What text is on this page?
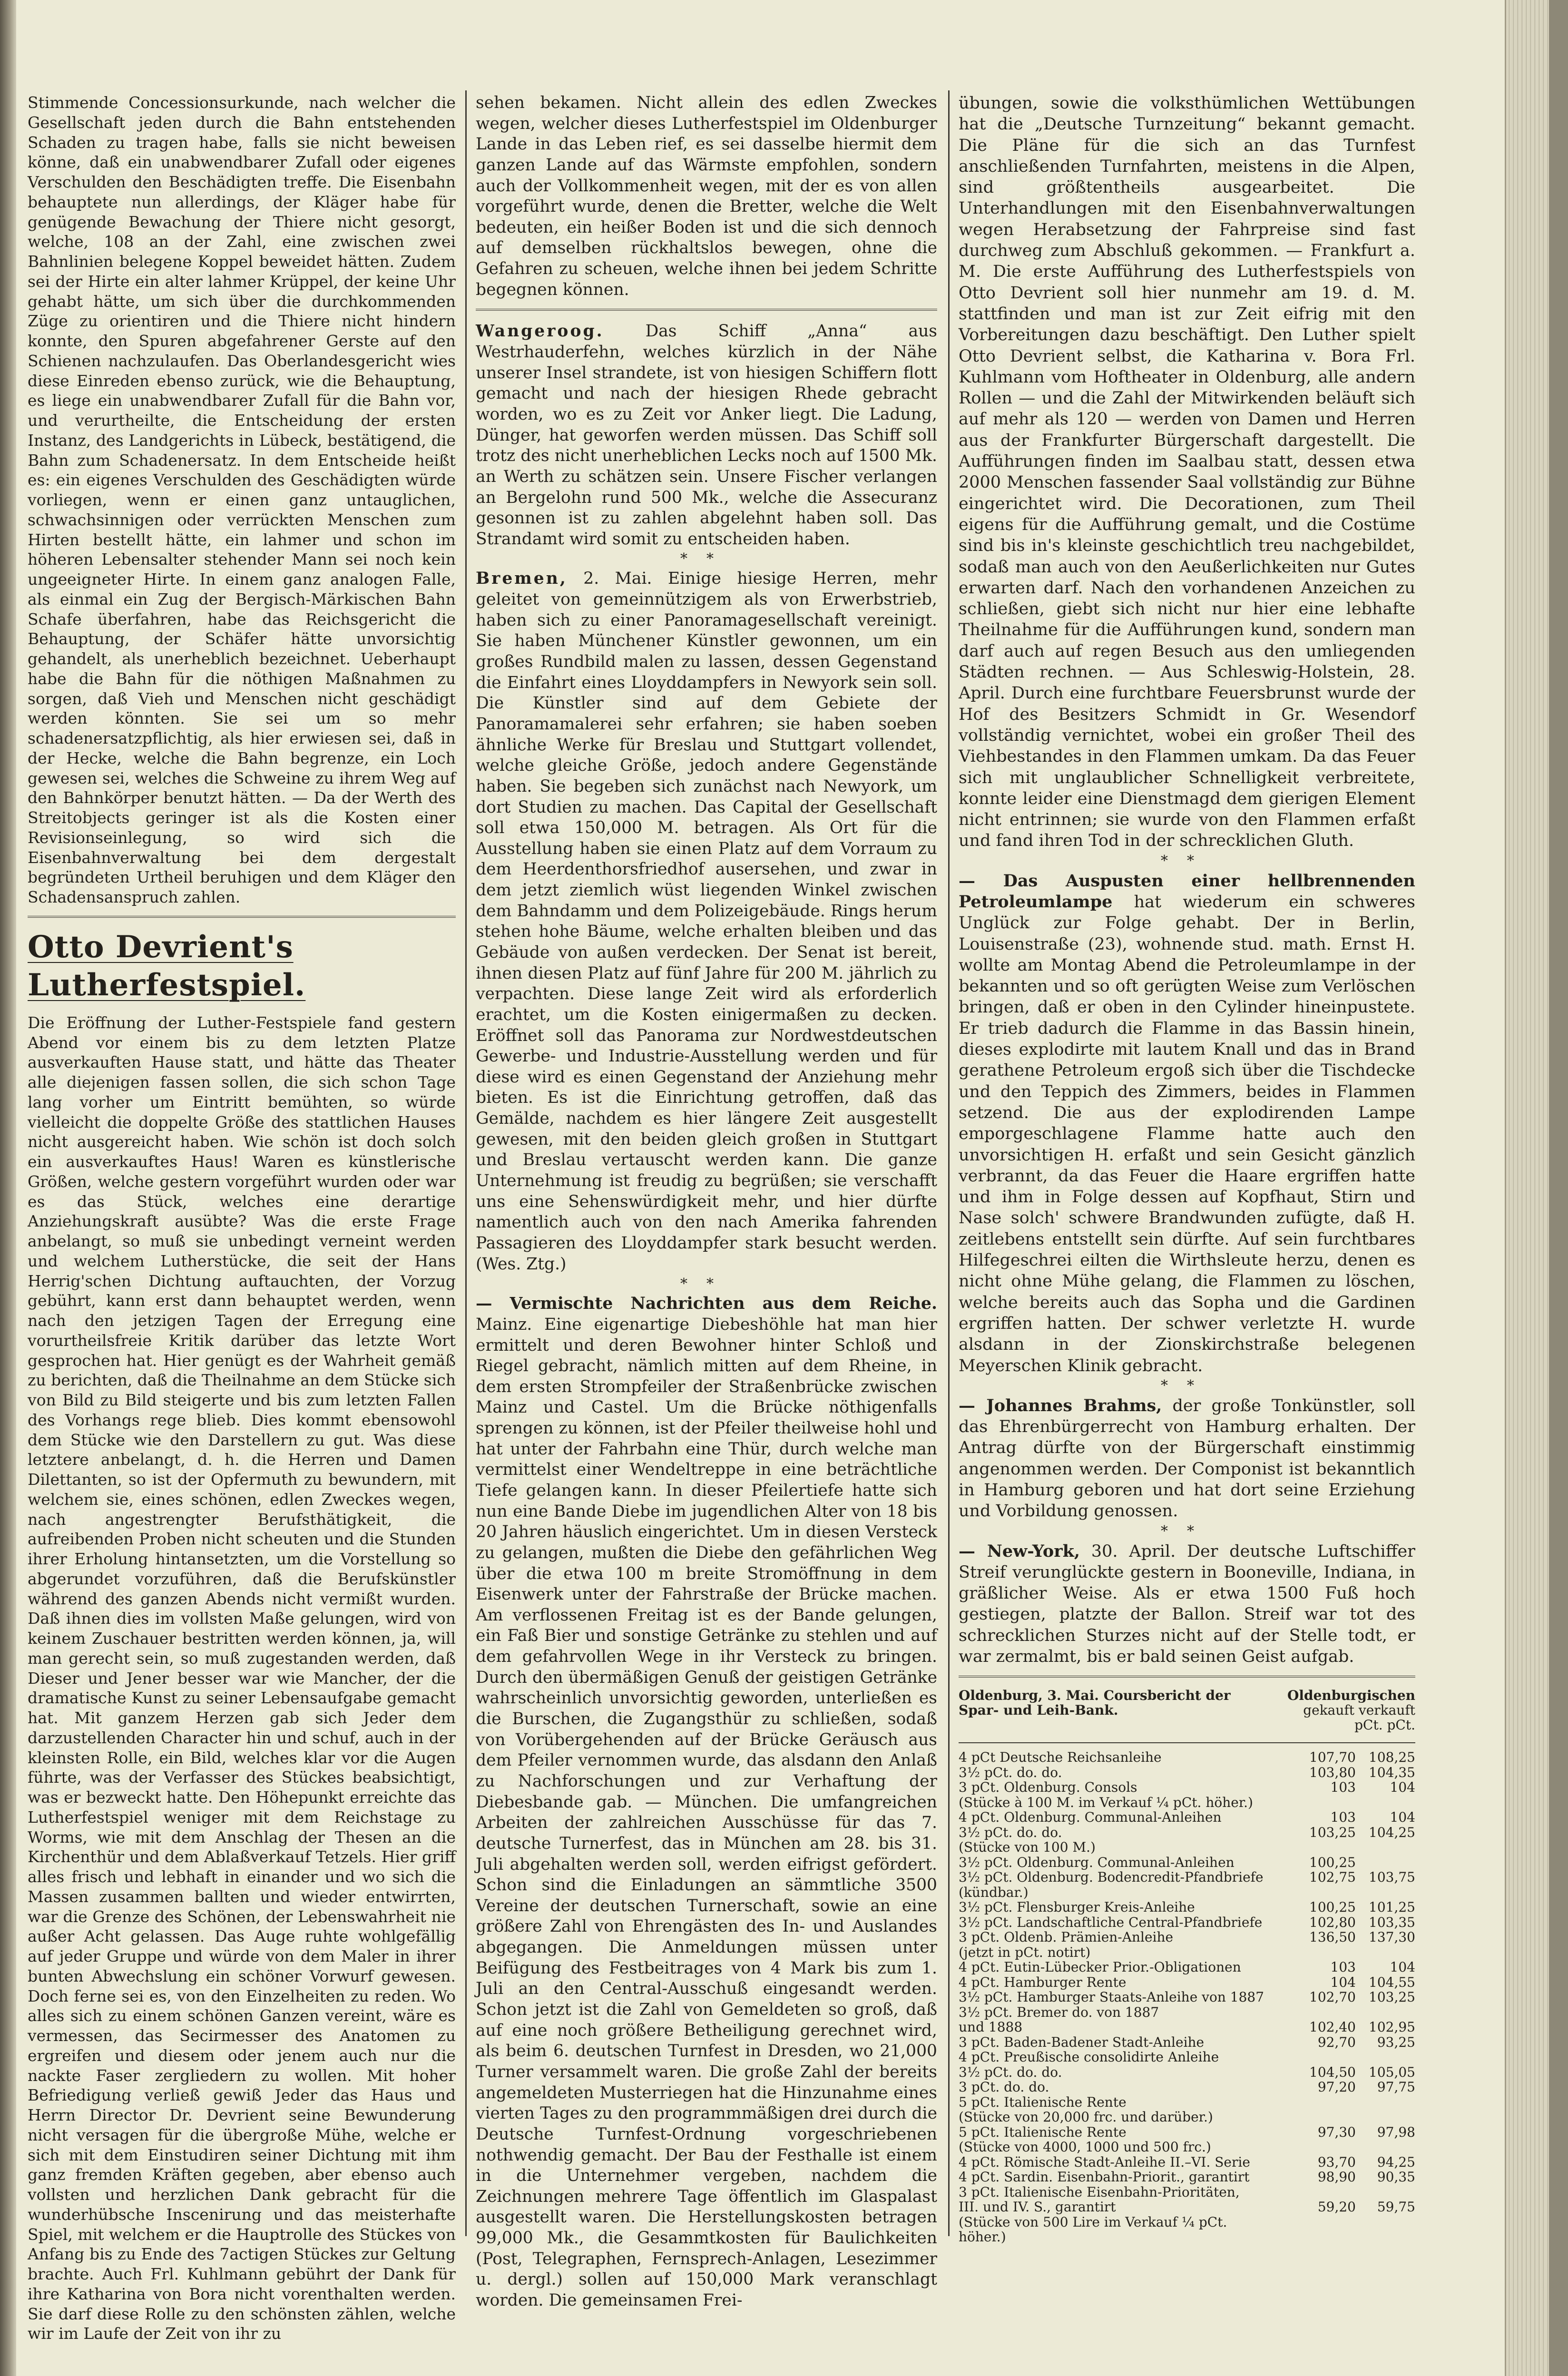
Stimmende Concessionsurkunde, nach welcher die Gesellschaft jeden durch die Bahn entstehenden Schaden zu tragen habe, falls sie nicht beweisen könne, daß ein unabwendbarer Zufall oder eigenes Verschulden den Beschädigten treffe. Die Eisenbahn behauptete nun allerdings, der Kläger habe für genügende Bewachung der Thiere nicht gesorgt, welche, 108 an der Zahl, eine zwischen zwei Bahnlinien belegene Koppel beweidet hätten. Zudem sei der Hirte ein alter lahmer Krüppel, der keine Uhr gehabt hätte, um sich über die durchkommenden Züge zu orientiren und die Thiere nicht hindern konnte, den Spuren abgefahrener Gerste auf den Schienen nachzulaufen. Das Oberlandesgericht wies diese Einreden ebenso zurück, wie die Behauptung, es liege ein unabwendbarer Zufall für die Bahn vor, und verurtheilte, die Entscheidung der ersten Instanz, des Landgerichts in Lübeck, bestätigend, die Bahn zum Schadenersatz. In dem Entscheide heißt es: ein eigenes Verschulden des Geschädigten würde vorliegen, wenn er einen ganz untauglichen, schwachsinnigen oder verrückten Menschen zum Hirten bestellt hätte, ein lahmer und schon im höheren Lebensalter stehender Mann sei noch kein ungeeigneter Hirte. In einem ganz analogen Falle, als einmal ein Zug der Bergisch-Märkischen Bahn Schafe überfahren, habe das Reichsgericht die Behauptung, der Schäfer hätte unvorsichtig gehandelt, als unerheblich bezeichnet. Ueberhaupt habe die Bahn für die nöthigen Maßnahmen zu sorgen, daß Vieh und Menschen nicht geschädigt werden könnten. Sie sei um so mehr schadenersatzpflichtig, als hier erwiesen sei, daß in der Hecke, welche die Bahn begrenze, ein Loch gewesen sei, welches die Schweine zu ihrem Weg auf den Bahnkörper benutzt hätten. — Da der Werth des Streitobjects geringer ist als die Kosten einer Revisionseinlegung, so wird sich die Eisenbahnverwaltung bei dem dergestalt begründeten Urtheil beruhigen und dem Kläger den Schadensanspruch zahlen.

Otto Devrient's Lutherfestspiel.

Die Eröffnung der Luther-Festspiele fand gestern Abend vor einem bis zu dem letzten Platze ausverkauften Hause statt, und hätte das Theater alle diejenigen fassen sollen, die sich schon Tage lang vorher um Eintritt bemühten, so würde vielleicht die doppelte Größe des stattlichen Hauses nicht ausgereicht haben. Wie schön ist doch solch ein ausverkauftes Haus! Waren es künstlerische Größen, welche gestern vorgeführt wurden oder war es das Stück, welches eine derartige Anziehungskraft ausübte? Was die erste Frage anbelangt, so muß sie unbedingt verneint werden und welchem Lutherstücke, die seit der Hans Herrig'schen Dichtung auftauchten, der Vorzug gebührt, kann erst dann behauptet werden, wenn nach den jetzigen Tagen der Erregung eine vorurtheilsfreie Kritik darüber das letzte Wort gesprochen hat. Hier genügt es der Wahrheit gemäß zu berichten, daß die Theilnahme an dem Stücke sich von Bild zu Bild steigerte und bis zum letzten Fallen des Vorhangs rege blieb. Dies kommt ebensowohl dem Stücke wie den Darstellern zu gut. Was diese letztere anbelangt, d. h. die Herren und Damen Dilettanten, so ist der Opfermuth zu bewundern, mit welchem sie, eines schönen, edlen Zweckes wegen, nach angestrengter Berufsthätigkeit, die aufreibenden Proben nicht scheuten und die Stunden ihrer Erholung hintansetzten, um die Vorstellung so abgerundet vorzuführen, daß die Berufskünstler während des ganzen Abends nicht vermißt wurden. Daß ihnen dies im vollsten Maße gelungen, wird von keinem Zuschauer bestritten werden können, ja, will man gerecht sein, so muß zugestanden werden, daß Dieser und Jener besser war wie Mancher, der die dramatische Kunst zu seiner Lebensaufgabe gemacht hat. Mit ganzem Herzen gab sich Jeder dem darzustellenden Character hin und schuf, auch in der kleinsten Rolle, ein Bild, welches klar vor die Augen führte, was der Verfasser des Stückes beabsichtigt, was er bezweckt hatte. Den Höhepunkt erreichte das Lutherfestspiel weniger mit dem Reichstage zu Worms, wie mit dem Anschlag der Thesen an die Kirchenthür und dem Ablaßverkauf Tetzels. Hier griff alles frisch und lebhaft in einander und wo sich die Massen zusammen ballten und wieder entwirrten, war die Grenze des Schönen, der Lebenswahrheit nie außer Acht gelassen. Das Auge ruhte wohlgefällig auf jeder Gruppe und würde von dem Maler in ihrer bunten Abwechslung ein schöner Vorwurf gewesen. Doch ferne sei es, von den Einzelheiten zu reden. Wo alles sich zu einem schönen Ganzen vereint, wäre es vermessen, das Secirmesser des Anatomen zu ergreifen und diesem oder jenem auch nur die nackte Faser zergliedern zu wollen. Mit hoher Befriedigung verließ gewiß Jeder das Haus und Herrn Director Dr. Devrient seine Bewunderung nicht versagen für die übergroße Mühe, welche er sich mit dem Einstudiren seiner Dichtung mit ihm ganz fremden Kräften gegeben, aber ebenso auch vollsten und herzlichen Dank gebracht für die wunderhübsche Inscenirung und das meisterhafte Spiel, mit welchem er die Hauptrolle des Stückes von Anfang bis zu Ende des 7actigen Stückes zur Geltung brachte. Auch Frl. Kuhlmann gebührt der Dank für ihre Katharina von Bora nicht vorenthalten werden. Sie darf diese Rolle zu den schönsten zählen, welche wir im Laufe der Zeit von ihr zu

sehen bekamen. Nicht allein des edlen Zweckes wegen, welcher dieses Lutherfestspiel im Oldenburger Lande in das Leben rief, es sei dasselbe hiermit dem ganzen Lande auf das Wärmste empfohlen, sondern auch der Vollkommenheit wegen, mit der es von allen vorgeführt wurde, denen die Bretter, welche die Welt bedeuten, ein heißer Boden ist und die sich dennoch auf demselben rückhaltslos bewegen, ohne die Gefahren zu scheuen, welche ihnen bei jedem Schritte begegnen können.

Wangeroog.	Das Schiff „Anna“ aus Westrhauderfehn, welches kürzlich in der Nähe unserer Insel strandete, ist von hiesigen Schiffern flott gemacht und nach der hiesigen Rhede gebracht worden, wo es zu Zeit vor Anker liegt. Die Ladung, Dünger, hat geworfen werden müssen. Das Schiff soll trotz des nicht unerheblichen Lecks noch auf 1500 Mk. an Werth zu schätzen sein. Unsere Fischer verlangen an Bergelohn rund 500 Mk., welche die Assecuranz gesonnen ist zu zahlen abgelehnt haben soll. Das Strandamt wird somit zu entscheiden haben.

**

Bremen, 2. Mai. Einige hiesige Herren, mehr geleitet von gemeinnützigem als von Erwerbstrieb, haben sich zu einer Panoramagesellschaft vereinigt. Sie haben Münchener Künstler gewonnen, um ein großes Rundbild malen zu lassen, dessen Gegenstand die Einfahrt eines Lloyddampfers in Newyork sein soll. Die Künstler sind auf dem Gebiete der Panoramamalerei sehr erfahren; sie haben soeben ähnliche Werke für Breslau und Stuttgart vollendet, welche gleiche Größe, jedoch andere Gegenstände haben. Sie begeben sich zunächst nach Newyork, um dort Studien zu machen. Das Capital der Gesellschaft soll etwa 150,000 M. betragen. Als Ort für die Ausstellung haben sie einen Platz auf dem Vorraum zu dem Heerdenthorsfriedhof ausersehen, und zwar in dem jetzt ziemlich wüst liegenden Winkel zwischen dem Bahndamm und dem Polizeigebäude. Rings herum stehen hohe Bäume, welche erhalten bleiben und das Gebäude von außen verdecken. Der Senat ist bereit, ihnen diesen Platz auf fünf Jahre für 200 M. jährlich zu verpachten. Diese lange Zeit wird als erforderlich erachtet, um die Kosten einigermaßen zu decken. Eröffnet soll das Panorama zur Nordwestdeutschen Gewerbe- und Industrie-Ausstellung werden und für diese wird es einen Gegenstand der Anziehung mehr bieten. Es ist die Einrichtung getroffen, daß das Gemälde, nachdem es hier längere Zeit ausgestellt gewesen, mit den beiden gleich großen in Stuttgart und Breslau vertauscht werden kann. Die ganze Unternehmung ist freudig zu begrüßen; sie verschafft uns eine Sehenswürdigkeit mehr, und hier dürfte namentlich auch von den nach Amerika fahrenden Passagieren des Lloyddampfer stark besucht werden. (Wes. Ztg.)

**

— Vermischte Nachrichten aus dem Reiche. Mainz. Eine eigenartige Diebeshöhle hat man hier ermittelt und deren Bewohner hinter Schloß und Riegel gebracht, nämlich mitten auf dem Rheine, in dem ersten Strompfeiler der Straßenbrücke zwischen Mainz und Castel. Um die Brücke nöthigenfalls sprengen zu können, ist der Pfeiler theilweise hohl und hat unter der Fahrbahn eine Thür, durch welche man vermittelst einer Wendeltreppe in eine beträchtliche Tiefe gelangen kann. In dieser Pfeilertiefe hatte sich nun eine Bande Diebe im jugendlichen Alter von 18 bis 20 Jahren häuslich eingerichtet. Um in diesen Versteck zu gelangen, mußten die Diebe den gefährlichen Weg über die etwa 100 m breite Stromöffnung in dem Eisenwerk unter der Fahrstraße der Brücke machen. Am verflossenen Freitag ist es der Bande gelungen, ein Faß Bier und sonstige Getränke zu stehlen und auf dem gefahrvollen Wege in ihr Versteck zu bringen. Durch den übermäßigen Genuß der geistigen Getränke wahrscheinlich unvorsichtig geworden, unterließen es die Burschen, die Zugangsthür zu schließen, sodaß von Vorübergehenden auf der Brücke Geräusch aus dem Pfeiler vernommen wurde, das alsdann den Anlaß zu Nachforschungen und zur Verhaftung der Diebesbande gab. — München. Die umfangreichen Arbeiten der zahlreichen Ausschüsse für das 7. deutsche Turnerfest, das in München am 28. bis 31. Juli abgehalten werden soll, werden eifrigst gefördert. Schon sind die Einladungen an sämmtliche 3500 Vereine der deutschen Turnerschaft, sowie an eine größere Zahl von Ehrengästen des In- und Auslandes abgegangen. Die Anmeldungen müssen unter Beifügung des Festbeitrages von 4 Mark bis zum 1. Juli an den Central-Ausschuß eingesandt werden. Schon jetzt ist die Zahl von Gemeldeten so groß, daß auf eine noch größere Betheiligung gerechnet wird, als beim 6. deutschen Turnfest in Dresden, wo 21,000 Turner versammelt waren. Die große Zahl der bereits angemeldeten Musterriegen hat die Hinzunahme eines vierten Tages zu den programmmäßigen drei durch die Deutsche Turnfest-Ordnung vorgeschriebenen nothwendig gemacht. Der Bau der Festhalle ist einem in die Unternehmer vergeben, nachdem die Zeichnungen mehrere Tage öffentlich im Glaspalast ausgestellt waren. Die Herstellungskosten betragen 99,000 Mk., die Gesammtkosten für Baulichkeiten (Post, Telegraphen, Fernsprech-Anlagen, Lesezimmer u. dergl.) sollen auf 150,000 Mark veranschlagt worden. Die gemeinsamen Frei-

übungen, sowie die volksthümlichen Wettübungen hat die „Deutsche Turnzeitung“ bekannt gemacht. Die Pläne für die sich an das Turnfest anschließenden Turnfahrten, meistens in die Alpen, sind größtentheils ausgearbeitet. Die Unterhandlungen mit den Eisenbahnverwaltungen wegen Herabsetzung der Fahrpreise sind fast durchweg zum Abschluß gekommen. — Frankfurt a. M. Die erste Aufführung des Lutherfestspiels von Otto Devrient soll hier nunmehr am 19. d. M. stattfinden und man ist zur Zeit eifrig mit den Vorbereitungen dazu beschäftigt. Den Luther spielt Otto Devrient selbst, die Katharina v. Bora Frl. Kuhlmann vom Hoftheater in Oldenburg, alle andern Rollen — und die Zahl der Mitwirkenden beläuft sich auf mehr als 120 — werden von Damen und Herren aus der Frankfurter Bürgerschaft dargestellt. Die Aufführungen finden im Saalbau statt, dessen etwa 2000 Menschen fassender Saal vollständig zur Bühne eingerichtet wird. Die Decorationen, zum Theil eigens für die Aufführung gemalt, und die Costüme sind bis in's kleinste geschichtlich treu nachgebildet, sodaß man auch von den Aeußerlichkeiten nur Gutes erwarten darf. Nach den vorhandenen Anzeichen zu schließen, giebt sich nicht nur hier eine lebhafte Theilnahme für die Aufführungen kund, sondern man darf auch auf regen Besuch aus den umliegenden Städten rechnen. — Aus Schleswig-Holstein, 28. April. Durch eine furchtbare Feuersbrunst wurde der Hof des Besitzers Schmidt in Gr. Wesendorf vollständig vernichtet, wobei ein großer Theil des Viehbestandes in den Flammen umkam. Da das Feuer sich mit unglaublicher Schnelligkeit verbreitete, konnte leider eine Dienstmagd dem gierigen Element nicht entrinnen; sie wurde von den Flammen erfaßt und fand ihren Tod in der schrecklichen Gluth.

**

— Das Auspusten einer hellbrennenden Petroleumlampe hat wiederum ein schweres Unglück zur Folge gehabt. Der in Berlin, Louisenstraße (23), wohnende stud. math. Ernst H. wollte am Montag Abend die Petroleumlampe in der bekannten und so oft gerügten Weise zum Verlöschen bringen, daß er oben in den Cylinder hineinpustete. Er trieb dadurch die Flamme in das Bassin hinein, dieses explodirte mit lautem Knall und das in Brand gerathene Petroleum ergoß sich über die Tischdecke und den Teppich des Zimmers, beides in Flammen setzend. Die aus der explodirenden Lampe emporgeschlagene Flamme hatte auch den unvorsichtigen H. erfaßt und sein Gesicht gänzlich verbrannt, da das Feuer die Haare ergriffen hatte und ihm in Folge dessen auf Kopfhaut, Stirn und Nase solch' schwere Brandwunden zufügte, daß H. zeitlebens entstellt sein dürfte. Auf sein furchtbares Hilfegeschrei eilten die Wirthsleute herzu, denen es nicht ohne Mühe gelang, die Flammen zu löschen, welche bereits auch das Sopha und die Gardinen ergriffen hatten. Der schwer verletzte H. wurde alsdann in der Zionskirchstraße belegenen Meyerschen Klinik gebracht.

**

— Johannes Brahms, der große Tonkünstler, soll das Ehrenbürgerrecht von Hamburg erhalten. Der Antrag dürfte von der Bürgerschaft einstimmig angenommen werden. Der Componist ist bekanntlich in Hamburg geboren und hat dort seine Erziehung und Vorbildung genossen.

**

— New-York, 30. April. Der deutsche Luftschiffer Streif verunglückte gestern in Booneville, Indiana, in gräßlicher Weise. Als er etwa 1500 Fuß hoch gestiegen, platzte der Ballon. Streif war tot des schrecklichen Sturzes nicht auf der Stelle todt, er war zermalmt, bis er bald seinen Geist aufgab.

Oldenburg, 3. Mai. Coursbericht der
Spar- und Leih-Bank.
Oldenburgischen
gekauft verkauft
pCt. pCt.
4 pCt Deutsche Reichsanleihe	107,70 108,25
3½ pCt. do. do.	103,80 104,35
3 pCt. Oldenburg. Consols	103	104
(Stücke à 100 M. im Verkauf ¼ pCt. höher.)
4 pCt. Oldenburg. Communal-Anleihen	103	104
3½ pCt. do. do.	103,25 104,25
(Stücke von 100 M.)
3½ pCt. Oldenburg. Communal-Anleihen	100,25
3½ pCt. Oldenburg. Bodencredit-Pfandbriefe	102,75 103,75
(kündbar.)
3½ pCt. Flensburger Kreis-Anleihe	100,25 101,25
3½ pCt. Landschaftliche Central-Pfandbriefe	102,80 103,35
3 pCt. Oldenb. Prämien-Anleihe	136,50 137,30
(jetzt in pCt. notirt)
4 pCt. Eutin-Lübecker Prior.-Obligationen	103	104
4 pCt. Hamburger Rente	104 104,55
3½ pCt. Hamburger Staats-Anleihe von 1887	102,70 103,25
3½ pCt. Bremer do. von 1887
und 1888	102,40 102,95
3 pCt. Baden-Badener Stadt-Anleihe	92,70	93,25
4 pCt. Preußische consolidirte Anleihe
3½ pCt. do. do.	104,50 105,05
3 pCt. do. do.	97,20	97,75
5 pCt. Italienische Rente
(Stücke von 20,000 frc. und darüber.)
5 pCt. Italienische Rente	97,30	97,98
(Stücke von 4000, 1000 und 500 frc.)
4 pCt. Römische Stadt-Anleihe II.–VI. Serie	93,70	94,25
4 pCt. Sardin. Eisenbahn-Priorit., garantirt	98,90	90,35
3 pCt. Italienische Eisenbahn-Prioritäten,
III. und IV. S., garantirt	59,20	59,75
(Stücke von 500 Lire im Verkauf ¼ pCt.
höher.)
